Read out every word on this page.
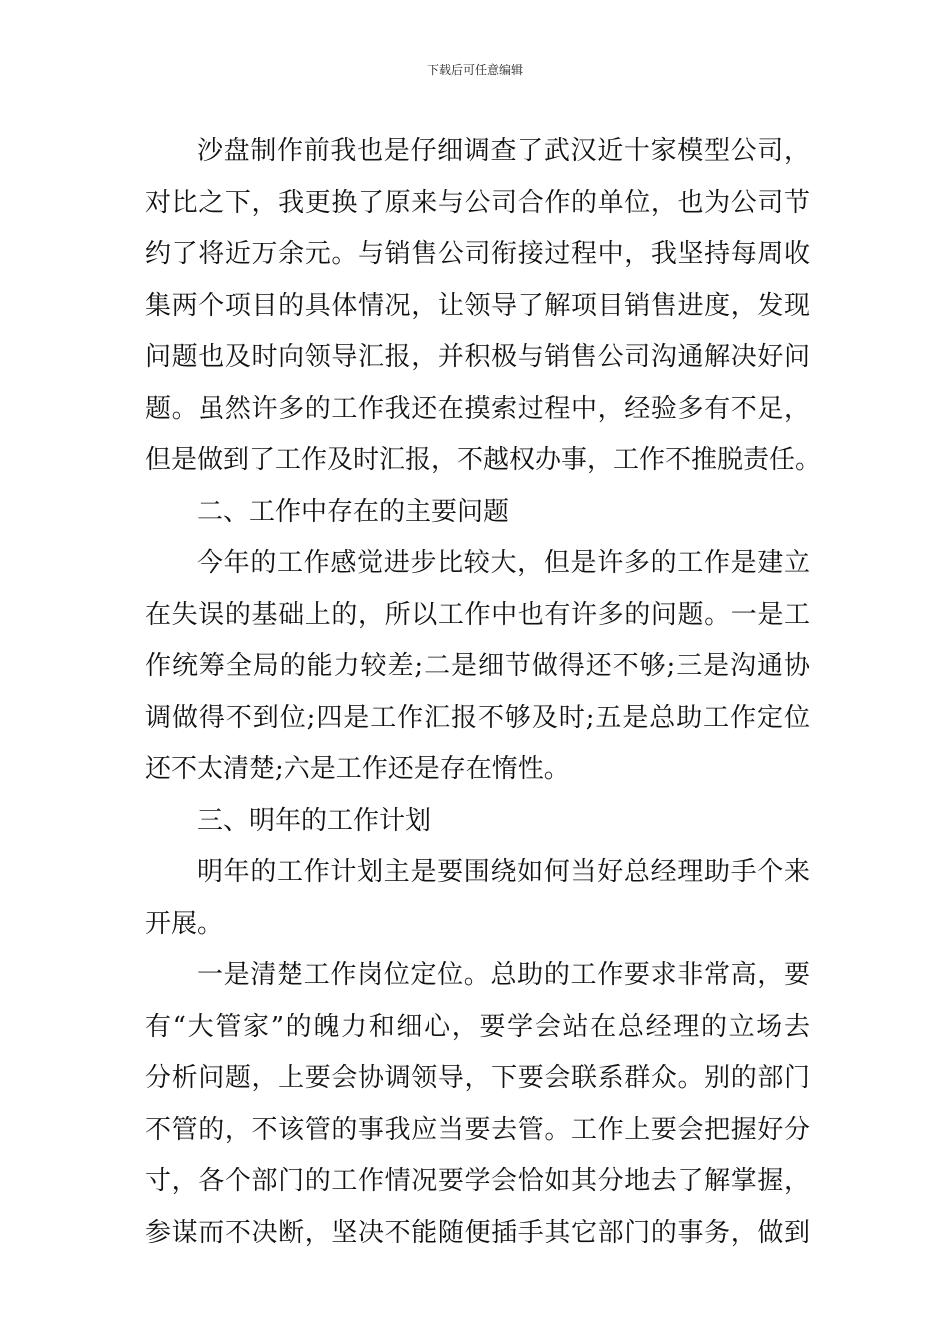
下载后可任意编辑
沙盘制作前我也是仔细调查了武汉近十家模型公司，
对比之下，我更换了原来与公司合作的单位，也为公司节
约了将近万余元。与销售公司衔接过程中，我坚持每周收
集两个项目的具体情况，让领导了解项目销售进度，发现
问题也及时向领导汇报，并积极与销售公司沟通解决好问
题。虽然许多的工作我还在摸索过程中，经验多有不足，
但是做到了工作及时汇报，不越权办事，工作不推脱责任。
二、工作中存在的主要问题
今年的工作感觉进步比较大，但是许多的工作是建立
在失误的基础上的，所以工作中也有许多的问题。一是工
作统筹全局的能力较差;二是细节做得还不够;三是沟通协
调做得不到位;四是工作汇报不够及时;五是总助工作定位
还不太清楚;六是工作还是存在惰性。
三、明年的工作计划
明年的工作计划主是要围绕如何当好总经理助手个来
开展。
一是清楚工作岗位定位。总助的工作要求非常高，要
有“大管家”的魄力和细心，要学会站在总经理的立场去
分析问题，上要会协调领导，下要会联系群众。别的部门
不管的，不该管的事我应当要去管。工作上要会把握好分
寸，各个部门的工作情况要学会恰如其分地去了解掌握，
参谋而不决断，坚决不能随便插手其它部门的事务，做到
